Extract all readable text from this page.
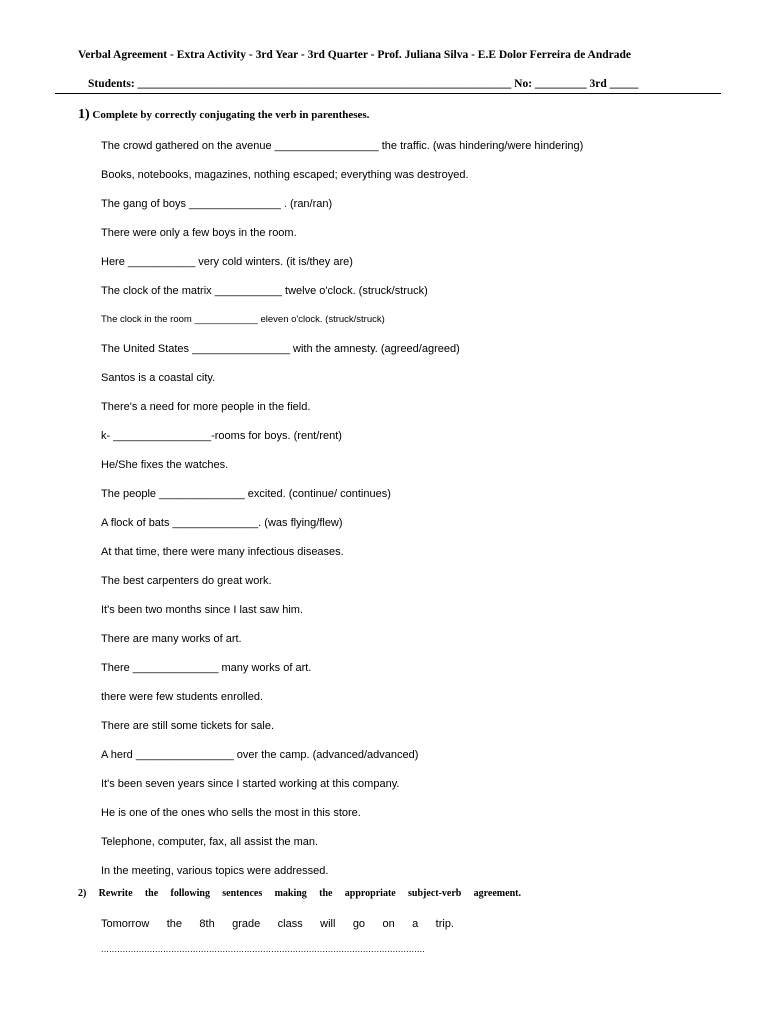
Verbal Agreement - Extra Activity - 3rd Year - 3rd Quarter - Prof. Juliana Silva - E.E Dolor Ferreira de Andrade
Students: _________________________________________________________________ No: _________ 3rd _____
1) Complete by correctly conjugating the verb in parentheses.
The crowd gathered on the avenue _________________ the traffic. (was hindering/were hindering)
Books, notebooks, magazines, nothing escaped; everything was destroyed.
The gang of boys _______________ . (ran/ran)
There were only a few boys in the room.
Here ___________ very cold winters. (it is/they are)
The clock of the matrix ___________ twelve o'clock. (struck/struck)
The clock in the room ____________ eleven o'clock. (struck/struck)
The United States ________________ with the amnesty. (agreed/agreed)
Santos is a coastal city.
There's a need for more people in the field.
k- ________________-rooms for boys. (rent/rent)
He/She fixes the watches.
The people ______________ excited. (continue/ continues)
A flock of bats ______________. (was flying/flew)
At that time, there were many infectious diseases.
The best carpenters do great work.
It's been two months since I last saw him.
There are many works of art.
There ______________ many works of art.
there were few students enrolled.
There are still some tickets for sale.
A herd ________________ over the camp. (advanced/advanced)
It's been seven years since I started working at this company.
He is one of the ones who sells the most in this store.
Telephone, computer, fax, all assist the man.
In the meeting, various topics were addressed.
2) Rewrite the following sentences making the appropriate subject-verb agreement.
Tomorrow the 8th grade class will go on a trip.
........................................................................................................................
